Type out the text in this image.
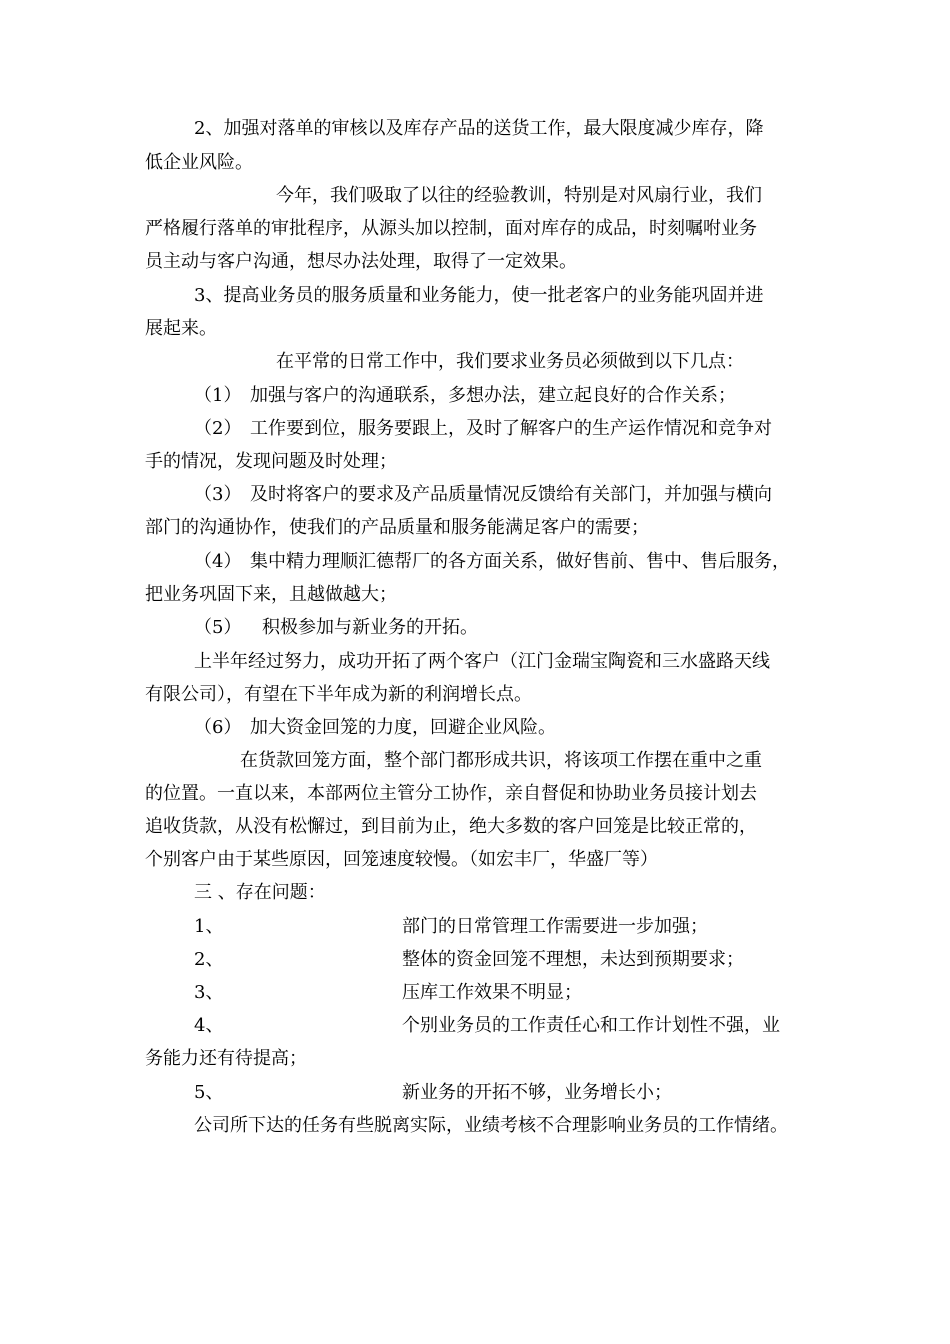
2、加强对落单的审核以及库存产品的送货工作，最大限度减少库存，降
低企业风险。
今年，我们吸取了以往的经验教训，特别是对风扇行业，我们
严格履行落单的审批程序，从源头加以控制，面对库存的成品，时刻嘱咐业务
员主动与客户沟通，想尽办法处理，取得了一定效果。
3、提高业务员的服务质量和业务能力，使一批老客户的业务能巩固并进
展起来。
在平常的日常工作中，我们要求业务员必须做到以下几点：
（1） 加强与客户的沟通联系，多想办法，建立起良好的合作关系；
（2） 工作要到位，服务要跟上，及时了解客户的生产运作情况和竞争对
手的情况，发现问题及时处理；
（3） 及时将客户的要求及产品质量情况反馈给有关部门，并加强与横向
部门的沟通协作，使我们的产品质量和服务能满足客户的需要；
（4） 集中精力理顺汇德帮厂的各方面关系，做好售前、售中、售后服务，
把业务巩固下来，且越做越大；
（5） 积极参加与新业务的开拓。
上半年经过努力，成功开拓了两个客户（江门金瑞宝陶瓷和三水盛路天线
有限公司），有望在下半年成为新的利润增长点。
（6） 加大资金回笼的力度，回避企业风险。
在货款回笼方面，整个部门都形成共识，将该项工作摆在重中之重
的位置。一直以来，本部两位主管分工协作，亲自督促和协助业务员接计划去
追收货款，从没有松懈过，到目前为止，绝大多数的客户回笼是比较正常的，
个别客户由于某些原因，回笼速度较慢。（如宏丰厂，华盛厂等）
三 、存在问题：
1、	部门的日常管理工作需要进一步加强；
2、	整体的资金回笼不理想，未达到预期要求；
3、	压库工作效果不明显；
4、	个别业务员的工作责任心和工作计划性不强，业
务能力还有待提高；
5、	新业务的开拓不够，业务增长小；
公司所下达的任务有些脱离实际，业绩考核不合理影响业务员的工作情绪。
